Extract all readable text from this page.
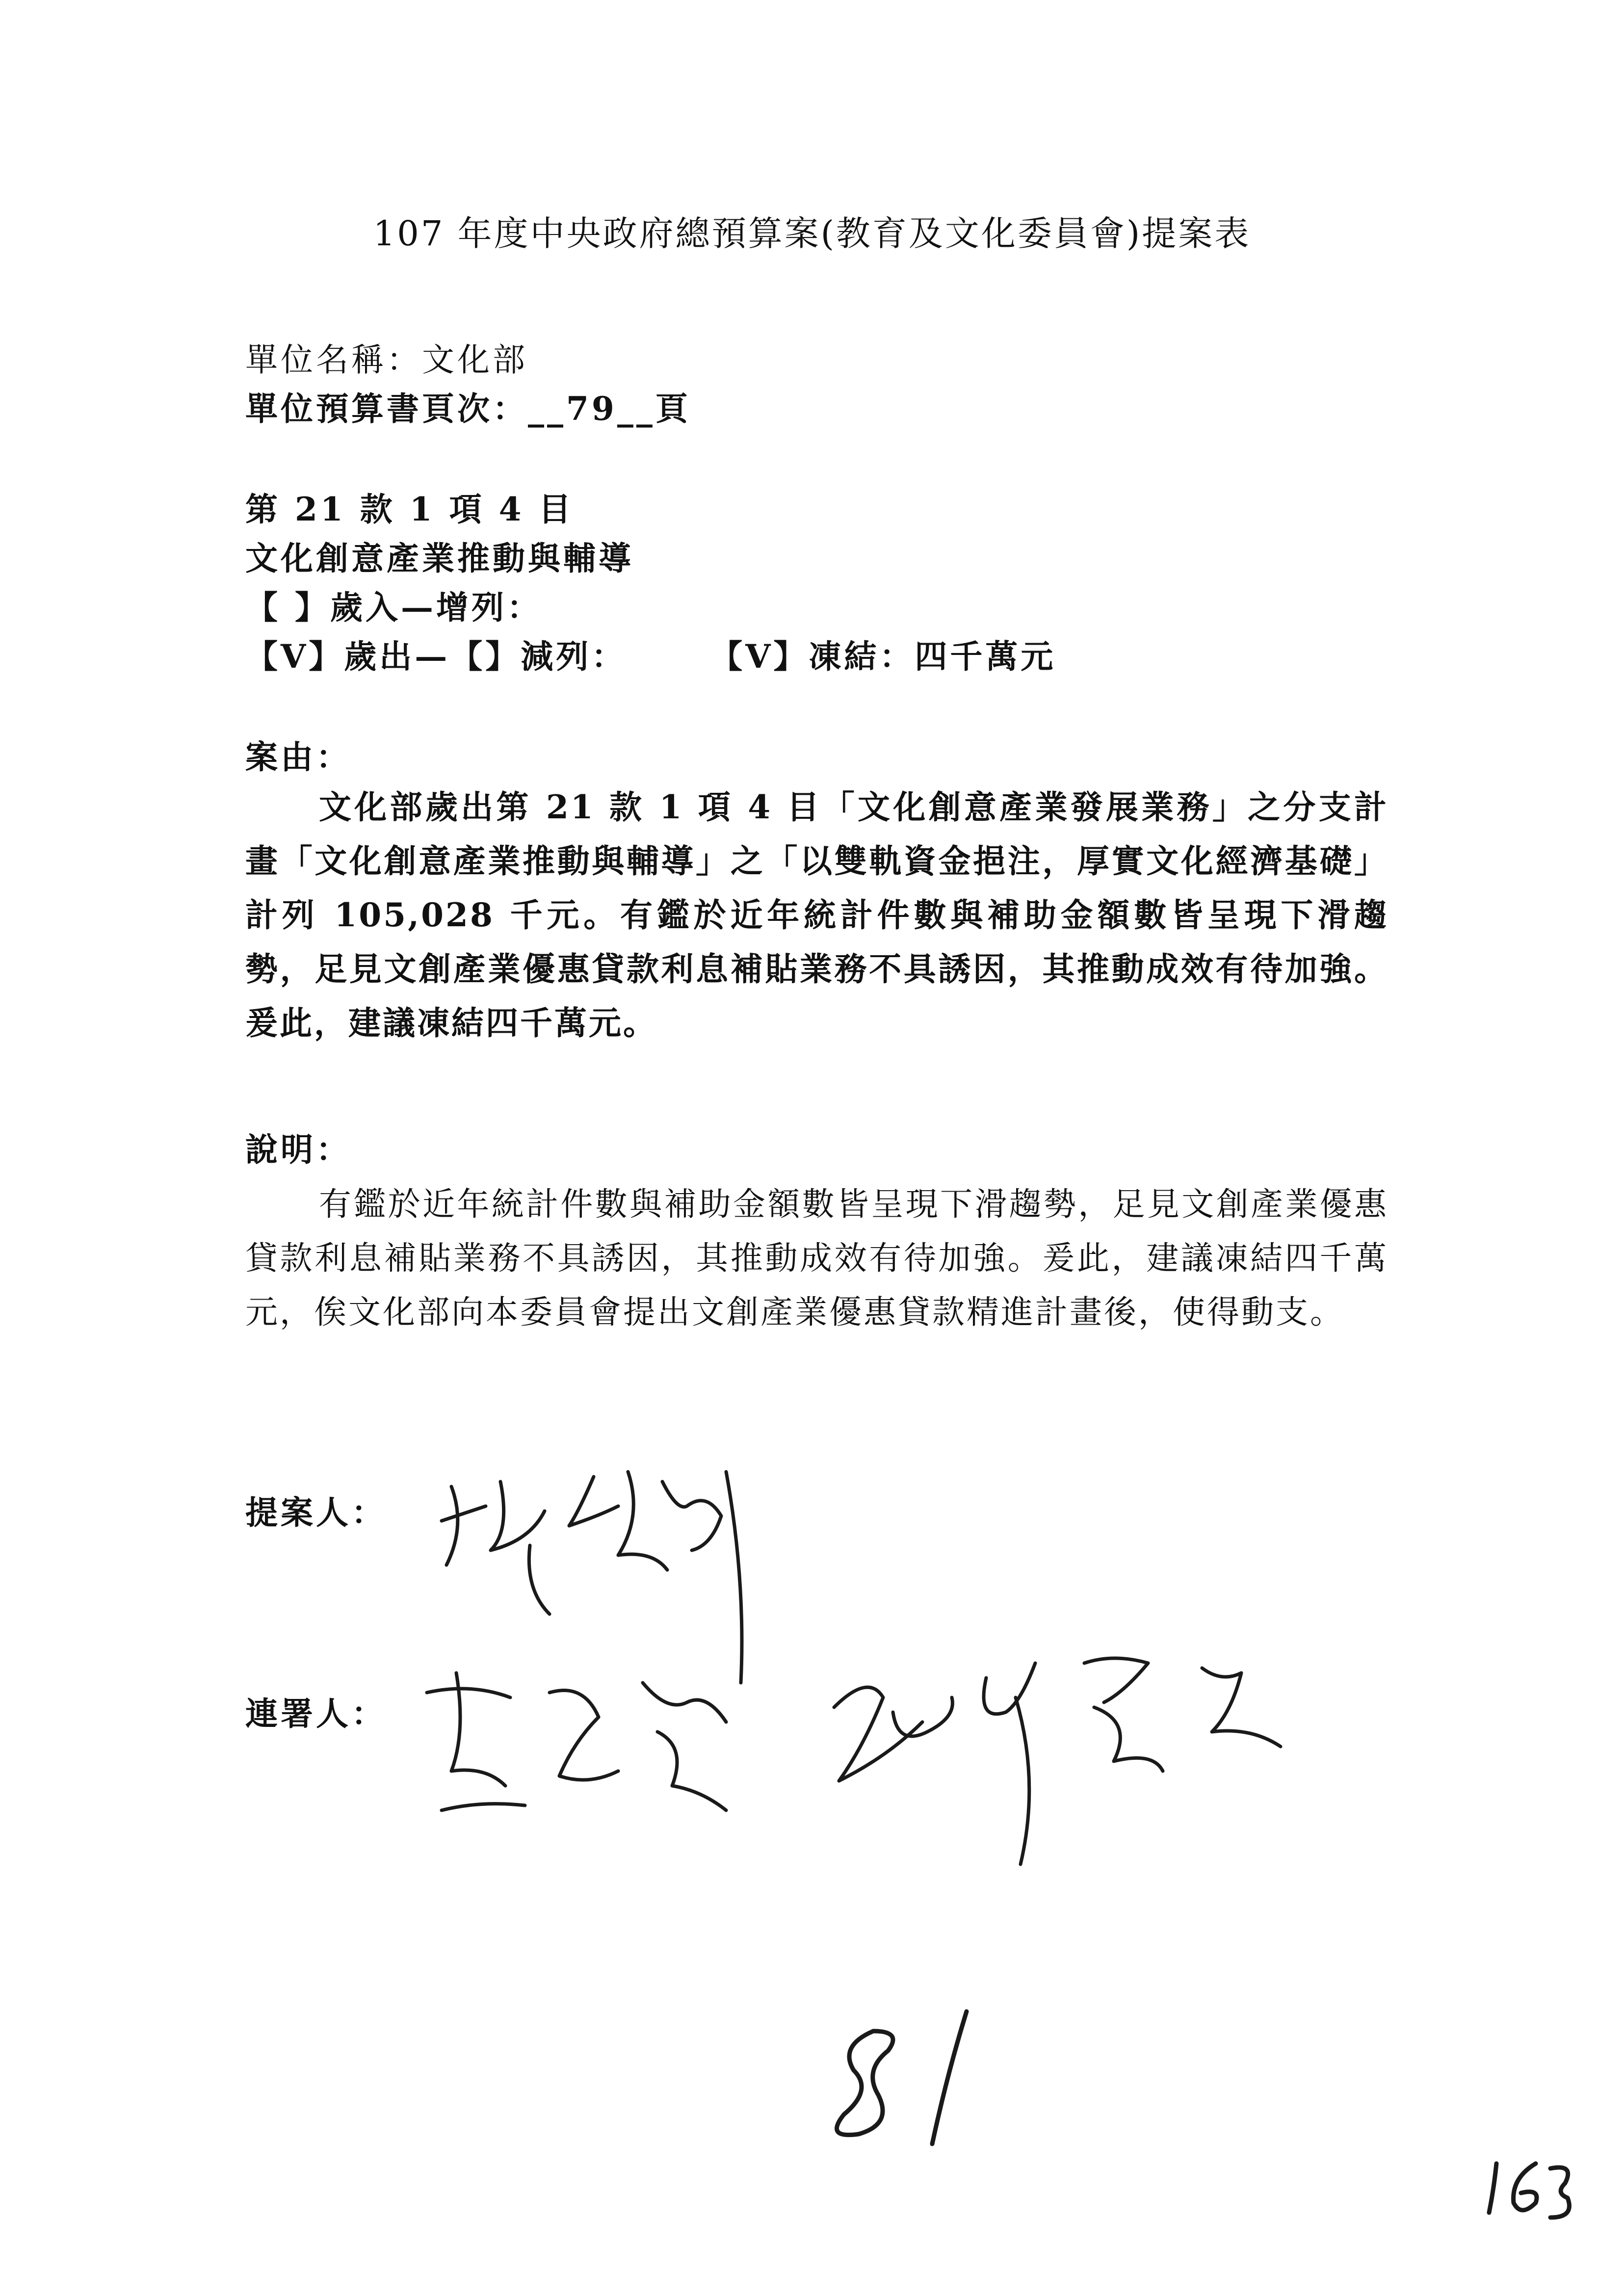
107 年度中央政府總預算案(教育及文化委員會)提案表
單位名稱：文化部
單位預算書頁次：__79__頁
第 21 款 1 項 4 目
文化創意產業推動與輔導
【 】歲入—增列：
【V】歲出—【】減列：	【V】凍結：四千萬元
案由：
文化部歲出第 21 款 1 項 4 目「文化創意產業發展業務」之分支計畫「文化創意產業推動與輔導」之「以雙軌資金挹注，厚實文化經濟基礎」計列 105,028 千元。有鑑於近年統計件數與補助金額數皆呈現下滑趨勢，足見文創產業優惠貸款利息補貼業務不具誘因，其推動成效有待加強。爰此，建議凍結四千萬元。
說明：
有鑑於近年統計件數與補助金額數皆呈現下滑趨勢，足見文創產業優惠貸款利息補貼業務不具誘因，其推動成效有待加強。爰此，建議凍結四千萬元，俟文化部向本委員會提出文創產業優惠貸款精進計畫後，使得動支。
提案人：
連署人：
